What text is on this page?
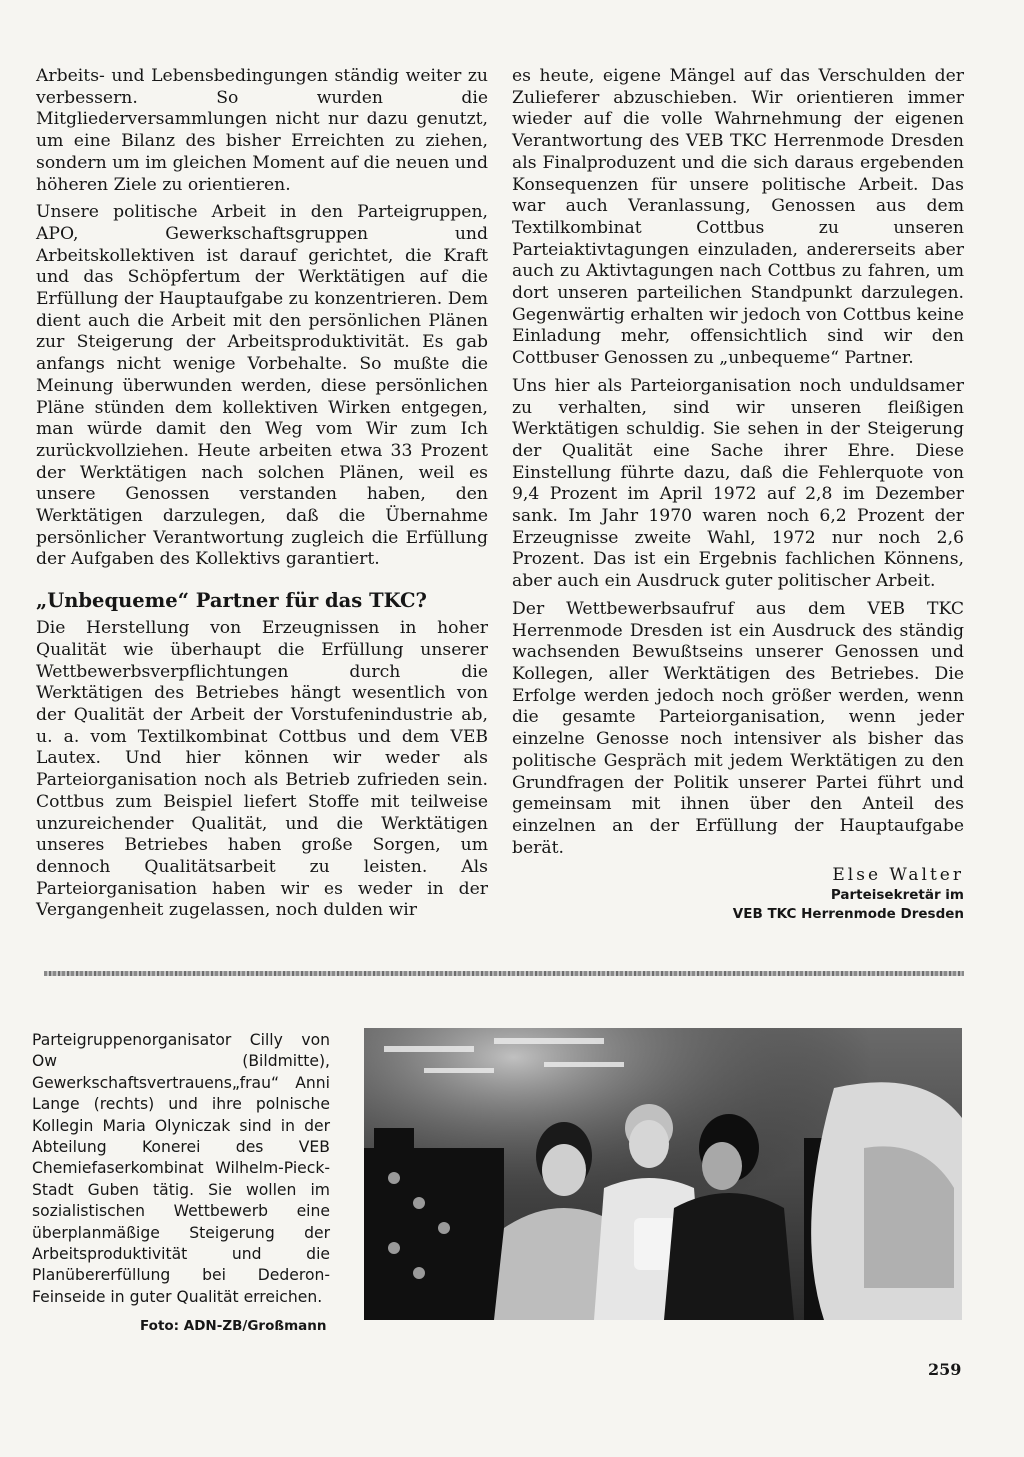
Arbeits- und Lebensbedingungen ständig weiter zu verbessern. So wurden die Mitgliederversammlungen nicht nur dazu genutzt, um eine Bilanz des bisher Erreichten zu ziehen, sondern um im gleichen Moment auf die neuen und höheren Ziele zu orientieren.

Unsere politische Arbeit in den Parteigruppen, APO, Gewerkschaftsgruppen und Arbeitskollektiven ist darauf gerichtet, die Kraft und das Schöpfertum der Werktätigen auf die Erfüllung der Hauptaufgabe zu konzentrieren. Dem dient auch die Arbeit mit den persönlichen Plänen zur Steigerung der Arbeitsproduktivität. Es gab anfangs nicht wenige Vorbehalte. So mußte die Meinung überwunden werden, diese persönlichen Pläne stünden dem kollektiven Wirken entgegen, man würde damit den Weg vom Wir zum Ich zurückvollziehen. Heute arbeiten etwa 33 Prozent der Werktätigen nach solchen Plänen, weil es unsere Genossen verstanden haben, den Werktätigen darzulegen, daß die Übernahme persönlicher Verantwortung zugleich die Erfüllung der Aufgaben des Kollektivs garantiert.

„Unbequeme“ Partner für das TKC?

Die Herstellung von Erzeugnissen in hoher Qualität wie überhaupt die Erfüllung unserer Wettbewerbsverpflichtungen durch die Werktätigen des Betriebes hängt wesentlich von der Qualität der Arbeit der Vorstufenindustrie ab, u. a. vom Textilkombinat Cottbus und dem VEB Lautex. Und hier können wir weder als Parteiorganisation noch als Betrieb zufrieden sein. Cottbus zum Beispiel liefert Stoffe mit teilweise unzureichender Qualität, und die Werktätigen unseres Betriebes haben große Sorgen, um dennoch Qualitätsarbeit zu leisten. Als Parteiorganisation haben wir es weder in der Vergangenheit zugelassen, noch dulden wir

es heute, eigene Mängel auf das Verschulden der Zulieferer abzuschieben. Wir orientieren immer wieder auf die volle Wahrnehmung der eigenen Verantwortung des VEB TKC Herrenmode Dresden als Finalproduzent und die sich daraus ergebenden Konsequenzen für unsere politische Arbeit. Das war auch Veranlassung, Genossen aus dem Textilkombinat Cottbus zu unseren Parteiaktivtagungen einzuladen, andererseits aber auch zu Aktivtagungen nach Cottbus zu fahren, um dort unseren parteilichen Standpunkt darzulegen. Gegenwärtig erhalten wir jedoch von Cottbus keine Einladung mehr, offensichtlich sind wir den Cottbuser Genossen zu „unbequeme“ Partner.

Uns hier als Parteiorganisation noch unduldsamer zu verhalten, sind wir unseren fleißigen Werktätigen schuldig. Sie sehen in der Steigerung der Qualität eine Sache ihrer Ehre. Diese Einstellung führte dazu, daß die Fehlerquote von 9,4 Prozent im April 1972 auf 2,8 im Dezember sank. Im Jahr 1970 waren noch 6,2 Prozent der Erzeugnisse zweite Wahl, 1972 nur noch 2,6 Prozent. Das ist ein Ergebnis fachlichen Könnens, aber auch ein Ausdruck guter politischer Arbeit.

Der Wettbewerbsaufruf aus dem VEB TKC Herrenmode Dresden ist ein Ausdruck des ständig wachsenden Bewußtseins unserer Genossen und Kollegen, aller Werktätigen des Betriebes. Die Erfolge werden jedoch noch größer werden, wenn die gesamte Parteiorganisation, wenn jeder einzelne Genosse noch intensiver als bisher das politische Gespräch mit jedem Werktätigen zu den Grundfragen der Politik unserer Partei führt und gemeinsam mit ihnen über den Anteil des einzelnen an der Erfüllung der Hauptaufgabe berät.

Else Walter
Parteisekretär im
VEB TKC Herrenmode Dresden
Parteigruppenorganisator Cilly von Ow (Bildmitte), Gewerkschaftsvertrauens„frau“ Anni Lange (rechts) und ihre polnische Kollegin Maria Olyniczak sind in der Abteilung Konerei des VEB Chemiefaserkombinat Wilhelm-Pieck-Stadt Guben tätig. Sie wollen im sozialistischen Wettbewerb eine überplanmäßige Steigerung der Arbeitsproduktivität und die Planübererfüllung bei Dederon-Feinseide in guter Qualität erreichen.
Foto: ADN-ZB/Großmann
259
